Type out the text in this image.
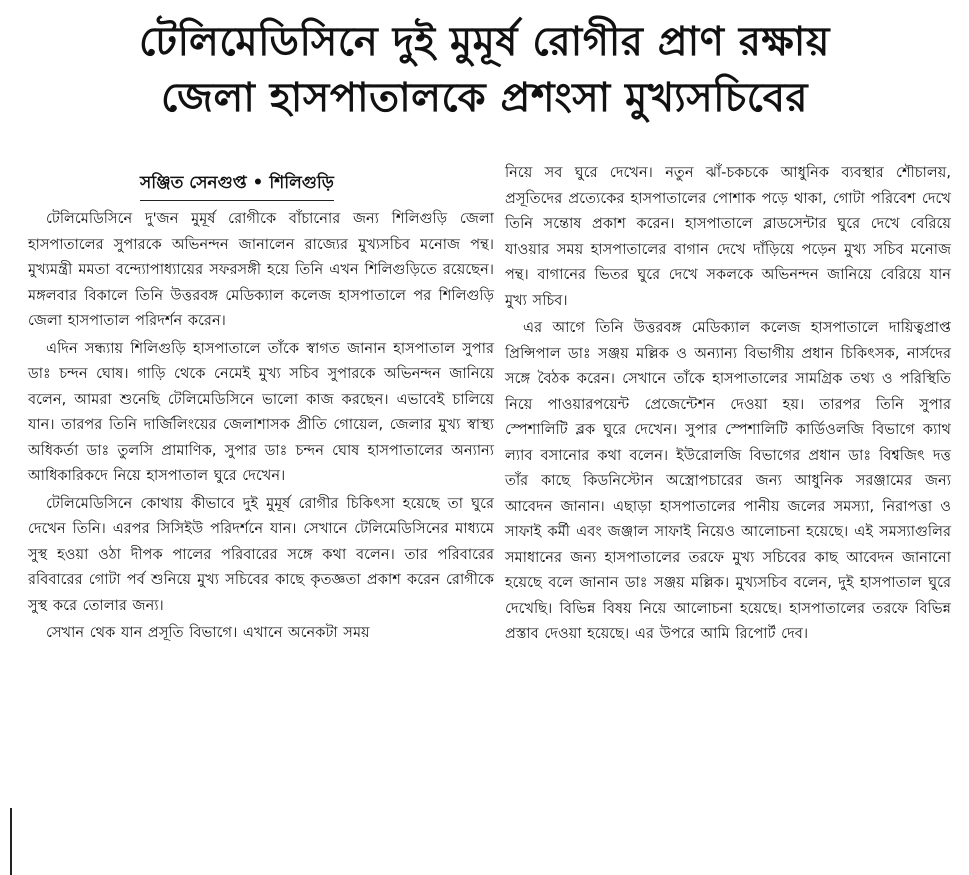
টেলিমেডিসিনে দুই মুমূর্ষ রোগীর প্রাণ রক্ষায়
জেলা হাসপাতালকে প্রশংসা মুখ্যসচিবের
সঞ্জিত সেনগুপ্ত • শিলিগুড়ি

টেলিমেডিসিনে দু'জন মুমূর্ষ রোগীকে বাঁচানোর জন্য শিলিগুড়ি জেলা হাসপাতালের সুপারকে অভিনন্দন জানালেন রাজ্যের মুখ্যসচিব মনোজ পন্থ। মুখ্যমন্ত্রী মমতা বন্দ্যোপাধ্যায়ের সফরসঙ্গী হয়ে তিনি এখন শিলিগুড়িতে রয়েছেন। মঙ্গলবার বিকালে তিনি উত্তরবঙ্গ মেডিক্যাল কলেজ হাসপাতালে পর শিলিগুড়ি জেলা হাসপাতাল পরিদর্শন করেন।

এদিন সন্ধ্যায় শিলিগুড়ি হাসপাতালে তাঁকে স্বাগত জানান হাসপাতাল সুপার ডাঃ চন্দন ঘোষ। গাড়ি থেকে নেমেই মুখ্য সচিব সুপারকে অভিনন্দন জানিয়ে বলেন, আমরা শুনেছি টেলিমেডিসিনে ভালো কাজ করছেন। এভাবেই চালিয়ে যান। তারপর তিনি দার্জিলিংয়ের জেলাশাসক প্রীতি গোয়েল, জেলার মুখ্য স্বাস্থ্য অধিকর্তা ডাঃ তুলসি প্রামাণিক, সুপার ডাঃ চন্দন ঘোষ হাসপাতালের অন্যান্য আধিকারিকদে নিয়ে হাসপাতাল ঘুরে দেখেন।

টেলিমেডিসিনে কোথায় কীভাবে দুই মুমূর্ষ রোগীর চিকিৎসা হয়েছে তা ঘুরে দেখেন তিনি। এরপর সিসিইউ পরিদর্শনে যান। সেখানে টেলিমেডিসিনের মাধ্যমে সুস্থ হওয়া ওঠা দীপক পালের পরিবারের সঙ্গে কথা বলেন। তার পরিবারের রবিবারের গোটা পর্ব শুনিয়ে মুখ্য সচিবের কাছে কৃতজ্ঞতা প্রকাশ করেন রোগীকে সুস্থ করে তোলার জন্য।

সেখান থেক যান প্রসূতি বিভাগে। এখানে অনেকটা সময়

নিয়ে সব ঘুরে দেখেন। নতুন ঝাঁ-চকচকে আধুনিক ব্যবস্থার শৌচালয়, প্রসূতিদের প্রত্যেকের হাসপাতালের পোশাক পড়ে থাকা, গোটা পরিবেশ দেখে তিনি সন্তোষ প্রকাশ করেন। হাসপাতালে ব্লাডসেন্টার ঘুরে দেখে বেরিয়ে যাওয়ার সময় হাসপাতালের বাগান দেখে দাঁড়িয়ে পড়েন মুখ্য সচিব মনোজ পন্থ। বাগানের ভিতর ঘুরে দেখে সকলকে অভিনন্দন জানিয়ে বেরিয়ে যান মুখ্য সচিব।

এর আগে তিনি উত্তরবঙ্গ মেডিক্যাল কলেজ হাসপাতালে দায়িত্বপ্রাপ্ত প্রিন্সিপাল ডাঃ সঞ্জয় মল্লিক ও অন্যান্য বিভাগীয় প্রধান চিকিৎসক, নার্সদের সঙ্গে বৈঠক করেন। সেখানে তাঁকে হাসপাতালের সামগ্রিক তথ্য ও পরিস্থিতি নিয়ে পাওয়ারপয়েন্ট প্রেজেন্টেশন দেওয়া হয়। তারপর তিনি সুপার স্পেশালিটি ব্লক ঘুরে দেখেন। সুপার স্পেশালিটি কার্ডিওলজি বিভাগে ক্যাথ ল্যাব বসানোর কথা বলেন। ইউরোলজি বিভাগের প্রধান ডাঃ বিশ্বজিৎ দত্ত তাঁর কাছে কিডনিস্টোন অস্ত্রোপচারের জন্য আধুনিক সরঞ্জামের জন্য আবেদন জানান। এছাড়া হাসপাতালের পানীয় জলের সমস্যা, নিরাপত্তা ও সাফাই কর্মী এবং জঞ্জাল সাফাই নিয়েও আলোচনা হয়েছে। এই সমস্যাগুলির সমাধানের জন্য হাসপাতালের তরফে মুখ্য সচিবের কাছ আবেদন জানানো হয়েছে বলে জানান ডাঃ সঞ্জয় মল্লিক। মুখ্যসচিব বলেন, দুই হাসপাতাল ঘুরে দেখেছি। বিভিন্ন বিষয় নিয়ে আলোচনা হয়েছে। হাসপাতালের তরফে বিভিন্ন প্রস্তাব দেওয়া হয়েছে। এর উপরে আমি রিপোর্ট দেব।
